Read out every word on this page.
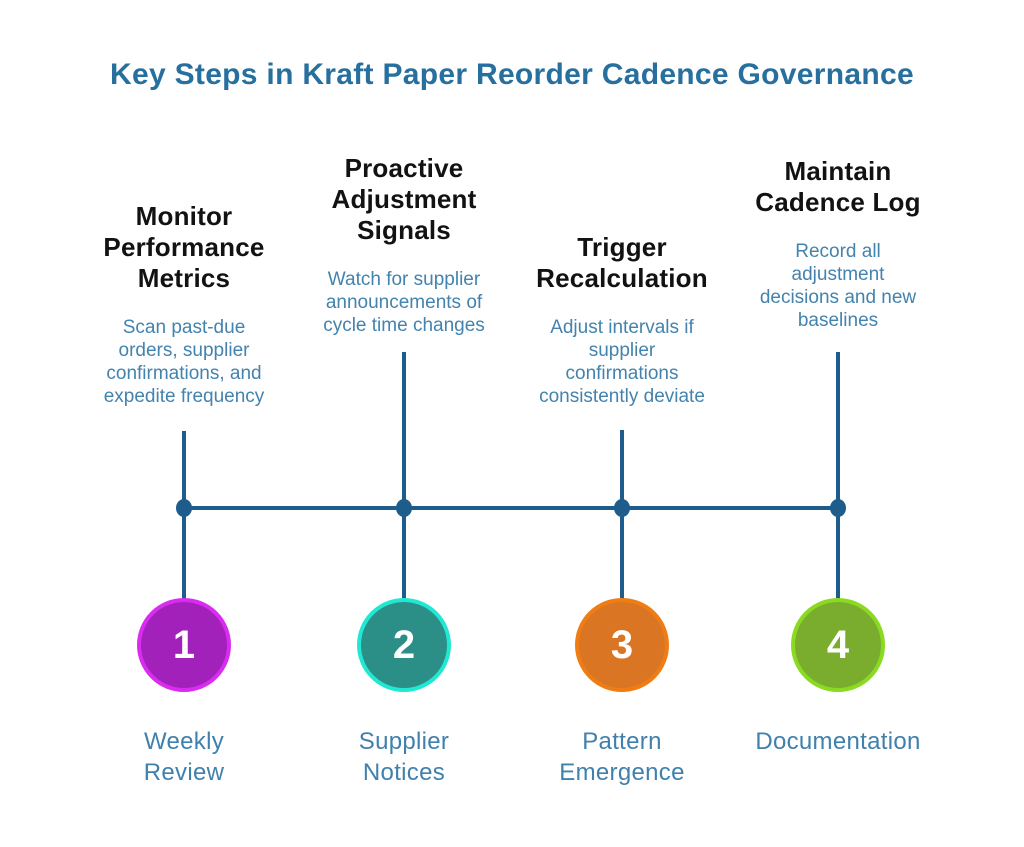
Key Steps in Kraft Paper Reorder Cadence Governance
Monitor Performance Metrics
Scan past-due orders, supplier confirmations, and expedite frequency
1
Weekly Review
Proactive Adjustment Signals
Watch for supplier announcements of cycle time changes
2
Supplier Notices
Trigger Recalculation
Adjust intervals if supplier confirmations consistently deviate
3
Pattern Emergence
Maintain Cadence Log
Record all adjustment decisions and new baselines
4
Documentation
